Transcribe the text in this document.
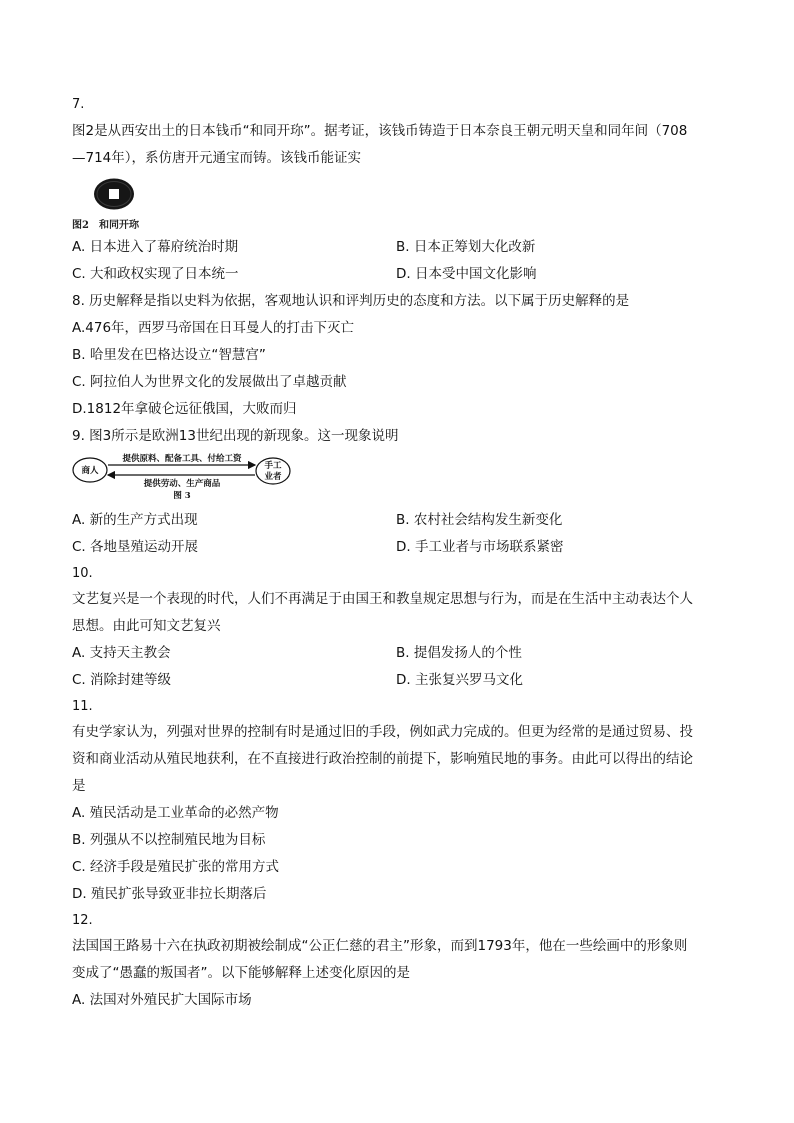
7.
图2是从西安出土的日本钱币“和同开珎”。据考证，该钱币铸造于日本奈良王朝元明天皇和同年间（708
—714年），系仿唐开元通宝而铸。该钱币能证实
图2　和同开珎
A. 日本进入了幕府统治时期	B. 日本正筹划大化改新
C. 大和政权实现了日本统一	D. 日本受中国文化影响
8. 历史解释是指以史料为依据，客观地认识和评判历史的态度和方法。以下属于历史解释的是
A.476年，西罗马帝国在日耳曼人的打击下灭亡
B. 哈里发在巴格达设立“智慧宫”
C. 阿拉伯人为世界文化的发展做出了卓越贡献
D.1812年拿破仑远征俄国，大败而归
9. 图3所示是欧洲13世纪出现的新现象。这一现象说明
商人	手工
业者
提供原料、配备工具、付给工资
提供劳动、生产商品
图 3
A. 新的生产方式出现	B. 农村社会结构发生新变化
C. 各地垦殖运动开展	D. 手工业者与市场联系紧密
10.
文艺复兴是一个表现的时代，人们不再满足于由国王和教皇规定思想与行为，而是在生活中主动表达个人
思想。由此可知文艺复兴
A. 支持天主教会	B. 提倡发扬人的个性
C. 消除封建等级	D. 主张复兴罗马文化
11.
有史学家认为，列强对世界的控制有时是通过旧的手段，例如武力完成的。但更为经常的是通过贸易、投
资和商业活动从殖民地获利，在不直接进行政治控制的前提下，影响殖民地的事务。由此可以得出的结论
是
A. 殖民活动是工业革命的必然产物
B. 列强从不以控制殖民地为目标
C. 经济手段是殖民扩张的常用方式
D. 殖民扩张导致亚非拉长期落后
12.
法国国王路易十六在执政初期被绘制成“公正仁慈的君主”形象，而到1793年，他在一些绘画中的形象则
变成了“愚蠢的叛国者”。以下能够解释上述变化原因的是
A. 法国对外殖民扩大国际市场
